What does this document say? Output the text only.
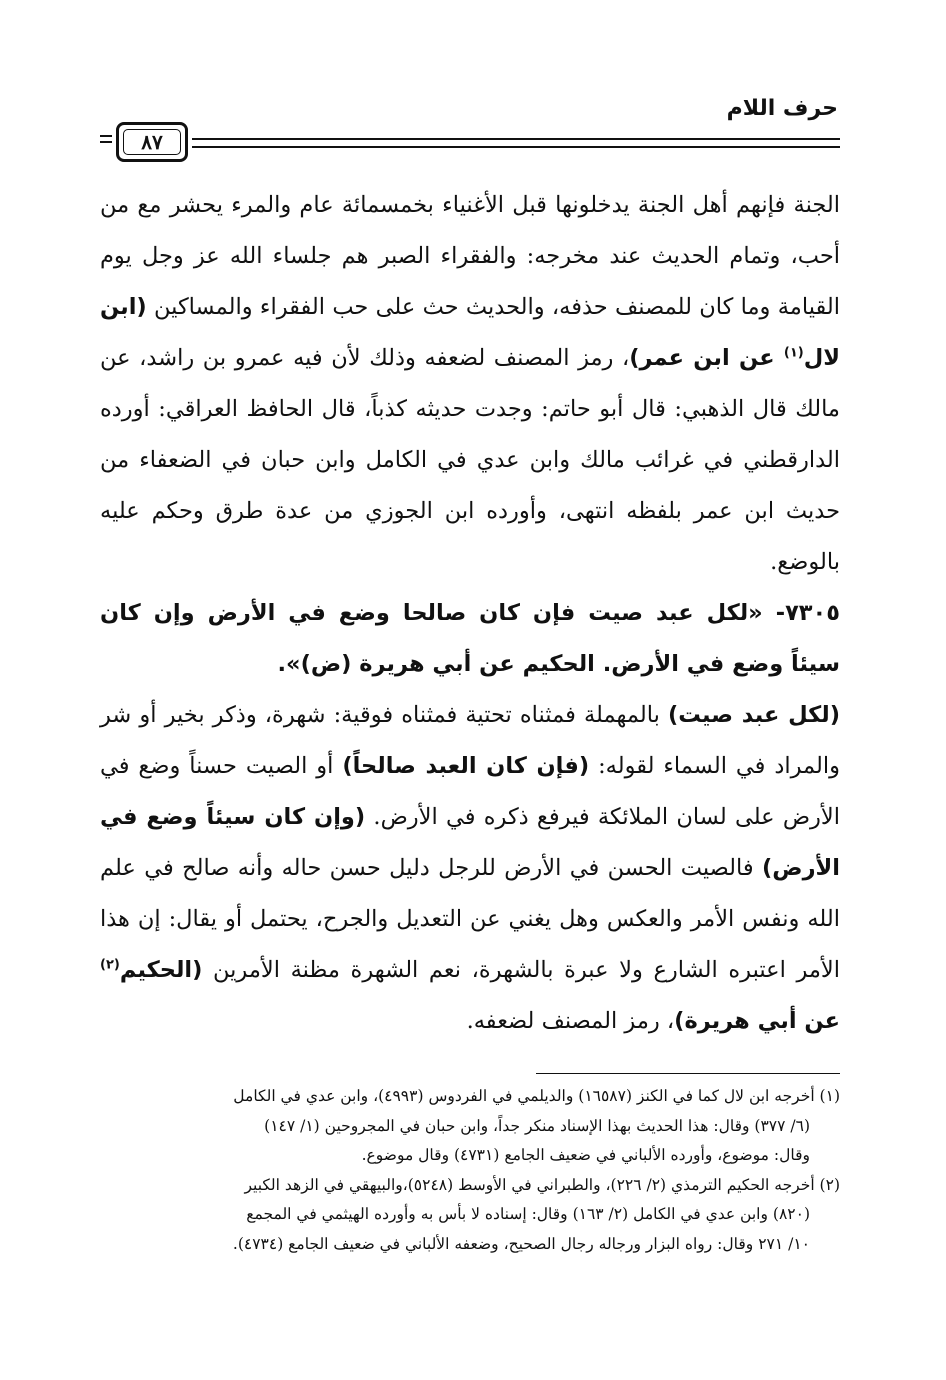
حرف اللام
٨٧

الجنة فإنهم أهل الجنة يدخلونها قبل الأغنياء بخمسمائة عام والمرء يحشر مع من أحب، وتمام الحديث عند مخرجه: والفقراء الصبر هم جلساء الله عز وجل يوم القيامة وما كان للمصنف حذفه، والحديث حث على حب الفقراء والمساكين (ابن لال$^{(١)}$ عن ابن عمر)، رمز المصنف لضعفه وذلك لأن فيه عمرو بن راشد، عن مالك قال الذهبي: قال أبو حاتم: وجدت حديثه كذباً، قال الحافظ العراقي: أورده الدارقطني في غرائب مالك وابن عدي في الكامل وابن حبان في الضعفاء من حديث ابن عمر بلفظه انتهى، وأورده ابن الجوزي من عدة طرق وحكم عليه بالوضع.

٧٣٠٥- «لكل عبد صيت فإن كان صالحا وضع في الأرض وإن كان سيئاً وضع في الأرض. الحكيم عن أبي هريرة (ض)».

(لكل عبد صيت) بالمهملة فمثناه تحتية فمثناه فوقية: شهرة، وذكر بخير أو شر والمراد في السماء لقوله: (فإن كان العبد صالحاً) أو الصيت حسناً وضع في الأرض على لسان الملائكة فيرفع ذكره في الأرض. (وإن كان سيئاً وضع في الأرض) فالصيت الحسن في الأرض للرجل دليل حسن حاله وأنه صالح في علم الله ونفس الأمر والعكس وهل يغني عن التعديل والجرح، يحتمل أو يقال: إن هذا الأمر اعتبره الشارع ولا عبرة بالشهرة، نعم الشهرة مظنة الأمرين (الحكيم$^{(٢)}$ عن أبي هريرة)، رمز المصنف لضعفه.

(١) أخرجه ابن لال كما في الكنز (١٦٥٨٧) والديلمي في الفردوس (٤٩٩٣)، وابن عدي في الكامل

(٦/ ٣٧٧) وقال: هذا الحديث بهذا الإسناد منكر جداً، وابن حبان في المجروحين (١/ ١٤٧)

وقال: موضوع، وأورده الألباني في ضعيف الجامع (٤٧٣١) وقال موضوع.

(٢) أخرجه الحكيم الترمذي (٢/ ٢٢٦)، والطبراني في الأوسط (٥٢٤٨)،والبيهقي في الزهد الكبير

(٨٢٠) وابن عدي في الكامل (٢/ ١٦٣) وقال: إسناده لا بأس به وأورده الهيثمي في المجمع

١٠/ ٢٧١ وقال: رواه البزار ورجاله رجال الصحيح، وضعفه الألباني في ضعيف الجامع (٤٧٣٤).
